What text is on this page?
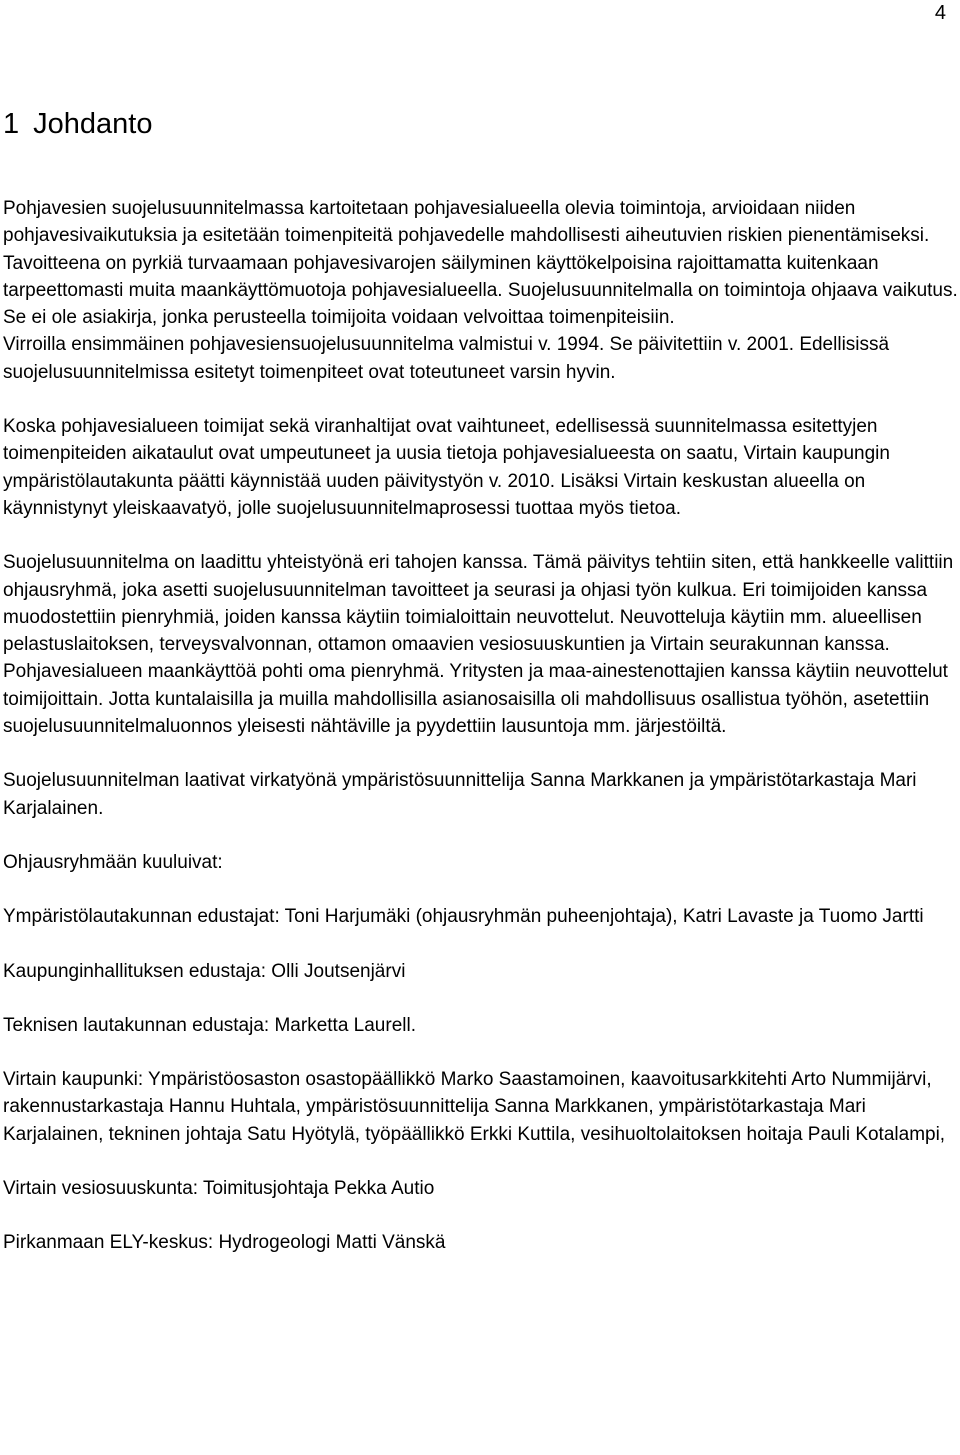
4
1 Johdanto

Pohjavesien suojelusuunnitelmassa kartoitetaan pohjavesialueella olevia toimintoja, arvioidaan niiden pohjavesivaikutuksia ja esitetään toimenpiteitä pohjavedelle mahdollisesti aiheutuvien riskien pienentämiseksi. Tavoitteena on pyrkiä turvaamaan pohjavesivarojen säilyminen käyttökelpoisina rajoittamatta kuitenkaan tarpeettomasti muita maankäyttömuotoja pohjavesialueella. Suojelusuunnitelmalla on toimintoja ohjaava vaikutus. Se ei ole asiakirja, jonka perusteella toimijoita voidaan velvoittaa toimenpiteisiin.

Virroilla ensimmäinen pohjavesiensuojelusuunnitelma valmistui v. 1994. Se päivitettiin v. 2001. Edellisissä suojelusuunnitelmissa esitetyt toimenpiteet ovat toteutuneet varsin hyvin.

Koska pohjavesialueen toimijat sekä viranhaltijat ovat vaihtuneet, edellisessä suunnitelmassa esitettyjen toimenpiteiden aikataulut ovat umpeutuneet ja uusia tietoja pohjavesialueesta on saatu, Virtain kaupungin ympäristölautakunta päätti käynnistää uuden päivitystyön v. 2010. Lisäksi Virtain keskustan alueella on käynnistynyt yleiskaavatyö, jolle suojelusuunnitelmaprosessi tuottaa myös tietoa.

Suojelusuunnitelma on laadittu yhteistyönä eri tahojen kanssa. Tämä päivitys tehtiin siten, että hankkeelle valittiin ohjausryhmä, joka asetti suojelusuunnitelman tavoitteet ja seurasi ja ohjasi työn kulkua. Eri toimijoiden kanssa muodostettiin pienryhmiä, joiden kanssa käytiin toimialoittain neuvottelut. Neuvotteluja käytiin mm. alueellisen pelastuslaitoksen, terveysvalvonnan, ottamon omaavien vesiosuuskuntien ja Virtain seurakunnan kanssa. Pohjavesialueen maankäyttöä pohti oma pienryhmä. Yritysten ja maa-ainestenottajien kanssa käytiin neuvottelut toimijoittain. Jotta kuntalaisilla ja muilla mahdollisilla asianosaisilla oli mahdollisuus osallistua työhön, asetettiin suojelusuunnitelmaluonnos yleisesti nähtäville ja pyydettiin lausuntoja mm. järjestöiltä.

Suojelusuunnitelman laativat virkatyönä ympäristösuunnittelija Sanna Markkanen ja ympäristötarkastaja Mari Karjalainen.

Ohjausryhmään kuuluivat:

Ympäristölautakunnan edustajat: Toni Harjumäki (ohjausryhmän puheenjohtaja), Katri Lavaste ja Tuomo Jartti

Kaupunginhallituksen edustaja: Olli Joutsenjärvi

Teknisen lautakunnan edustaja: Marketta Laurell.

Virtain kaupunki: Ympäristöosaston osastopäällikkö Marko Saastamoinen, kaavoitusarkkitehti Arto Nummijärvi, rakennustarkastaja Hannu Huhtala, ympäristösuunnittelija Sanna Markkanen, ympäristötarkastaja Mari Karjalainen, tekninen johtaja Satu Hyötylä, työpäällikkö Erkki Kuttila, vesihuoltolaitoksen hoitaja Pauli Kotalampi,

Virtain vesiosuuskunta: Toimitusjohtaja Pekka Autio

Pirkanmaan ELY-keskus: Hydrogeologi Matti Vänskä
